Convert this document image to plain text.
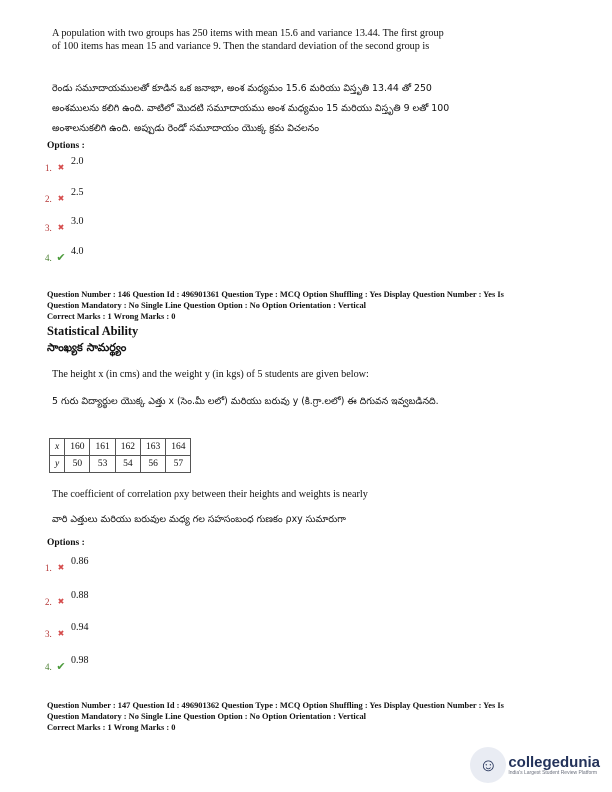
A population with two groups has 250 items with mean 15.6 and variance 13.44. The first group of 100 items has mean 15 and variance 9. Then the standard deviation of the second group is
రెండు సమూదాయములతో కూడిన ఒక జనాభా, అంశ మధ్యమం 15.6 మరియు విస్తృతి 13.44 తో 250 అంశములను కలిగి ఉంది. వాటిలో మొదటి సమూదాయము అంశ మధ్యమం 15 మరియు విస్తృతి 9 లతో 100 అంశాలనుకలిగి ఉంది. అప్పుడు రెండో సమూదాయం యొక్క క్రమ విచలనం
Options :
1. ✖
2.0
2. ✖
2.5
3. ✖
3.0
4. ✔
4.0
Question Number : 146 Question Id : 496901361 Question Type : MCQ Option Shuffling : Yes Display Question Number : Yes Is
Question Mandatory : No Single Line Question Option : No Option Orientation : Vertical
Correct Marks : 1 Wrong Marks : 0
Statistical Ability
సాంఖ్యక సామర్థ్యం
The height x (in cms) and the weight y (in kgs) of 5 students are given below:
5 గురు విద్యార్థుల యొక్క ఎత్తు x (సెం.మీ లలో) మరియు బరువు y (కి.గ్రా.లలో) ఈ దిగువన ఇవ్వబడినది.
x	160	161	162	163	164
y	50	53	54	56	57
The coefficient of correlation ρxy between their heights and weights is nearly
వారి ఎత్తులు మరియు బరువుల మధ్య గల సహసంబంధ గుణకం ρxy సుమారుగా
Options :
1. ✖
0.86
2. ✖
0.88
3. ✖
0.94
4. ✔
0.98
Question Number : 147 Question Id : 496901362 Question Type : MCQ Option Shuffling : Yes Display Question Number : Yes Is
Question Mandatory : No Single Line Question Option : No Option Orientation : Vertical
Correct Marks : 1 Wrong Marks : 0
☺ collegedunia
India's Largest Student Review Platform
